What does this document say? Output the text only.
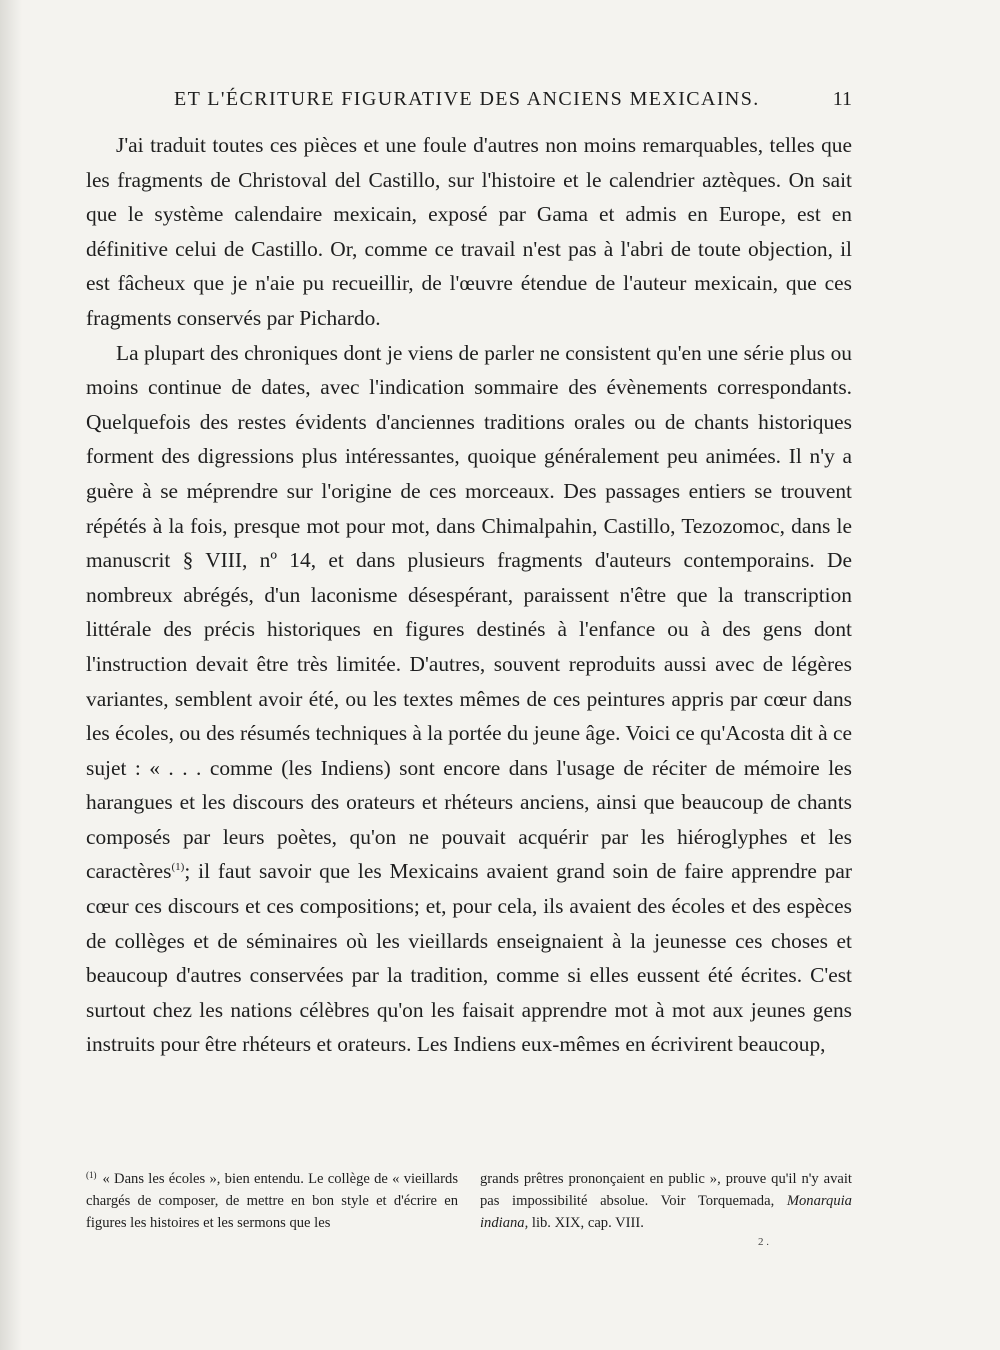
ET L'ÉCRITURE FIGURATIVE DES ANCIENS MEXICAINS.	11

J'ai traduit toutes ces pièces et une foule d'autres non moins remarquables, telles que les fragments de Christoval del Castillo, sur l'histoire et le calendrier aztèques. On sait que le système calendaire mexicain, exposé par Gama et admis en Europe, est en définitive celui de Castillo. Or, comme ce travail n'est pas à l'abri de toute objection, il est fâcheux que je n'aie pu recueillir, de l'œuvre étendue de l'auteur mexicain, que ces fragments conservés par Pichardo.

La plupart des chroniques dont je viens de parler ne consistent qu'en une série plus ou moins continue de dates, avec l'indication sommaire des évènements correspondants. Quelquefois des restes évidents d'anciennes traditions orales ou de chants historiques forment des digressions plus intéressantes, quoique généralement peu animées. Il n'y a guère à se méprendre sur l'origine de ces morceaux. Des passages entiers se trouvent répétés à la fois, presque mot pour mot, dans Chimalpahin, Castillo, Tezozomoc, dans le manuscrit § VIII, nº 14, et dans plusieurs fragments d'auteurs contemporains. De nombreux abrégés, d'un laconisme désespérant, paraissent n'être que la transcription littérale des précis historiques en figures destinés à l'enfance ou à des gens dont l'instruction devait être très limitée. D'autres, souvent reproduits aussi avec de légères variantes, semblent avoir été, ou les textes mêmes de ces peintures appris par cœur dans les écoles, ou des résumés techniques à la portée du jeune âge. Voici ce qu'Acosta dit à ce sujet : « . . . comme (les Indiens) sont encore dans l'usage de réciter de mémoire les harangues et les discours des orateurs et rhéteurs anciens, ainsi que beaucoup de chants composés par leurs poètes, qu'on ne pouvait acquérir par les hiéroglyphes et les caractères$^{(1)}$; il faut savoir que les Mexicains avaient grand soin de faire apprendre par cœur ces discours et ces compositions; et, pour cela, ils avaient des écoles et des espèces de collèges et de séminaires où les vieillards enseignaient à la jeunesse ces choses et beaucoup d'autres conservées par la tradition, comme si elles eussent été écrites. C'est surtout chez les nations célèbres qu'on les faisait apprendre mot à mot aux jeunes gens instruits pour être rhéteurs et orateurs. Les Indiens eux-mêmes en écrivirent beaucoup,

$^{(1)}$ « Dans les écoles », bien entendu. Le collège de « vieillards chargés de composer, de mettre en bon style et d'écrire en figures les histoires et les sermons que les
grands prêtres prononçaient en public », prouve qu'il n'y avait pas impossibilité absolue. Voir Torquemada, Monarquia indiana, lib. XIX, cap. VIII.
2 .
